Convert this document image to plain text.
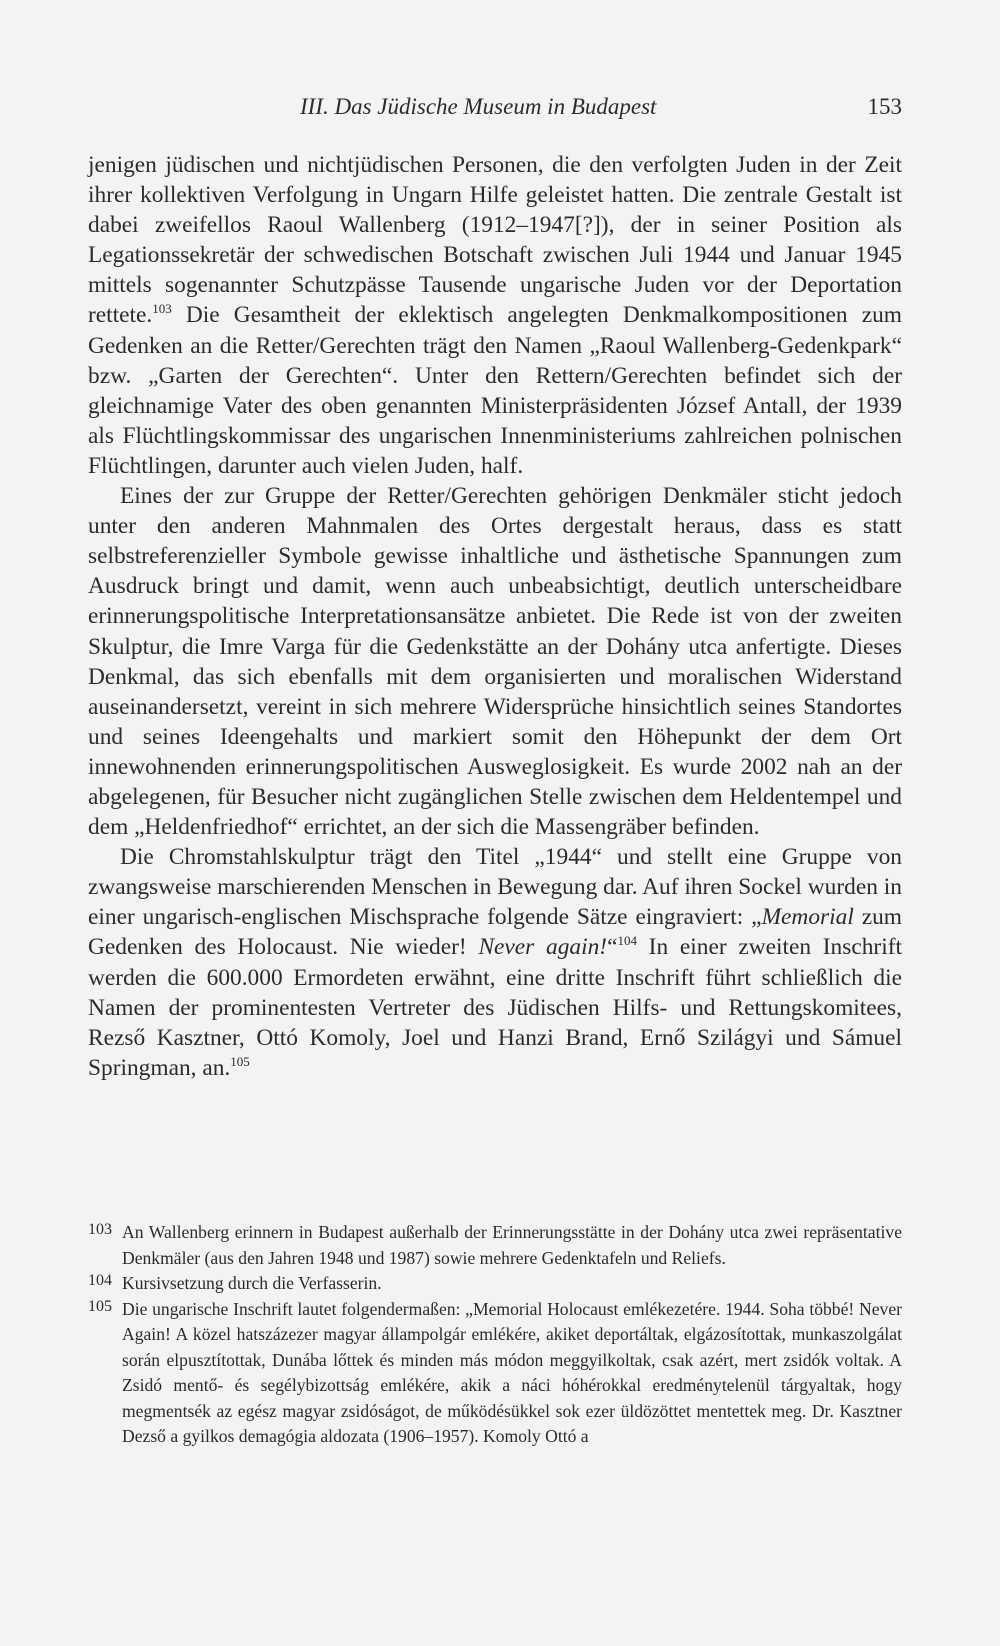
III. Das Jüdische Museum in Budapest	153

jenigen jüdischen und nichtjüdischen Personen, die den verfolgten Juden in der Zeit ihrer kollektiven Verfolgung in Ungarn Hilfe geleistet hatten. Die zentrale Gestalt ist dabei zweifellos Raoul Wallenberg (1912–1947[?]), der in seiner Position als Legationssekretär der schwedischen Botschaft zwischen Juli 1944 und Januar 1945 mittels sogenannter Schutzpässe Tausende ungarische Juden vor der Deportation rettete.$^{103}$ Die Gesamtheit der eklektisch angelegten Denkmalkompositionen zum Gedenken an die Retter/Gerechten trägt den Namen „Raoul Wallenberg-Gedenkpark“ bzw. „Garten der Gerechten“. Unter den Rettern/Gerechten befindet sich der gleichnamige Vater des oben genannten Ministerpräsidenten József Antall, der 1939 als Flüchtlingskommissar des ungarischen Innenministeriums zahlreichen polnischen Flüchtlingen, darunter auch vielen Juden, half.

Eines der zur Gruppe der Retter/Gerechten gehörigen Denkmäler sticht jedoch unter den anderen Mahnmalen des Ortes dergestalt heraus, dass es statt selbstreferenzieller Symbole gewisse inhaltliche und ästhetische Spannungen zum Ausdruck bringt und damit, wenn auch unbeabsichtigt, deutlich unterscheidbare erinnerungspolitische Interpretationsansätze anbietet. Die Rede ist von der zweiten Skulptur, die Imre Varga für die Gedenkstätte an der Dohány utca anfertigte. Dieses Denkmal, das sich ebenfalls mit dem organisierten und moralischen Widerstand auseinandersetzt, vereint in sich mehrere Widersprüche hinsichtlich seines Standortes und seines Ideengehalts und markiert somit den Höhepunkt der dem Ort innewohnenden erinnerungspolitischen Ausweglosigkeit. Es wurde 2002 nah an der abgelegenen, für Besucher nicht zugänglichen Stelle zwischen dem Heldentempel und dem „Heldenfriedhof“ errichtet, an der sich die Massengräber befinden.

Die Chromstahlskulptur trägt den Titel „1944“ und stellt eine Gruppe von zwangsweise marschierenden Menschen in Bewegung dar. Auf ihren Sockel wurden in einer ungarisch-englischen Mischsprache folgende Sätze eingraviert: „Memorial zum Gedenken des Holocaust. Nie wieder! Never again!“$^{104}$ In einer zweiten Inschrift werden die 600.000 Ermordeten erwähnt, eine dritte Inschrift führt schließlich die Namen der prominentesten Vertreter des Jüdischen Hilfs- und Rettungskomitees, Rezső Kasztner, Ottó Komoly, Joel und Hanzi Brand, Ernő Szilágyi und Sámuel Springman, an.$^{105}$

103 An Wallenberg erinnern in Budapest außerhalb der Erinnerungsstätte in der Dohány utca zwei repräsentative Denkmäler (aus den Jahren 1948 und 1987) sowie mehrere Gedenktafeln und Reliefs.
104 Kursivsetzung durch die Verfasserin.
105 Die ungarische Inschrift lautet folgendermaßen: „Memorial Holocaust emlékezetére. 1944. Soha többé! Never Again! A közel hatszázezer magyar állampolgár emlékére, akiket deportáltak, elgázosítottak, munkaszolgálat során elpusztítottak, Dunába lőttek és minden más módon meggyilkoltak, csak azért, mert zsidók voltak. A Zsidó mentő- és segélybizottság emlékére, akik a náci hóhérokkal eredménytelenül tárgyaltak, hogy megmentsék az egész magyar zsidóságot, de működésükkel sok ezer üldözöttet mentettek meg. Dr. Kasztner Dezső a gyilkos demagógia aldozata (1906–1957). Komoly Ottó a
